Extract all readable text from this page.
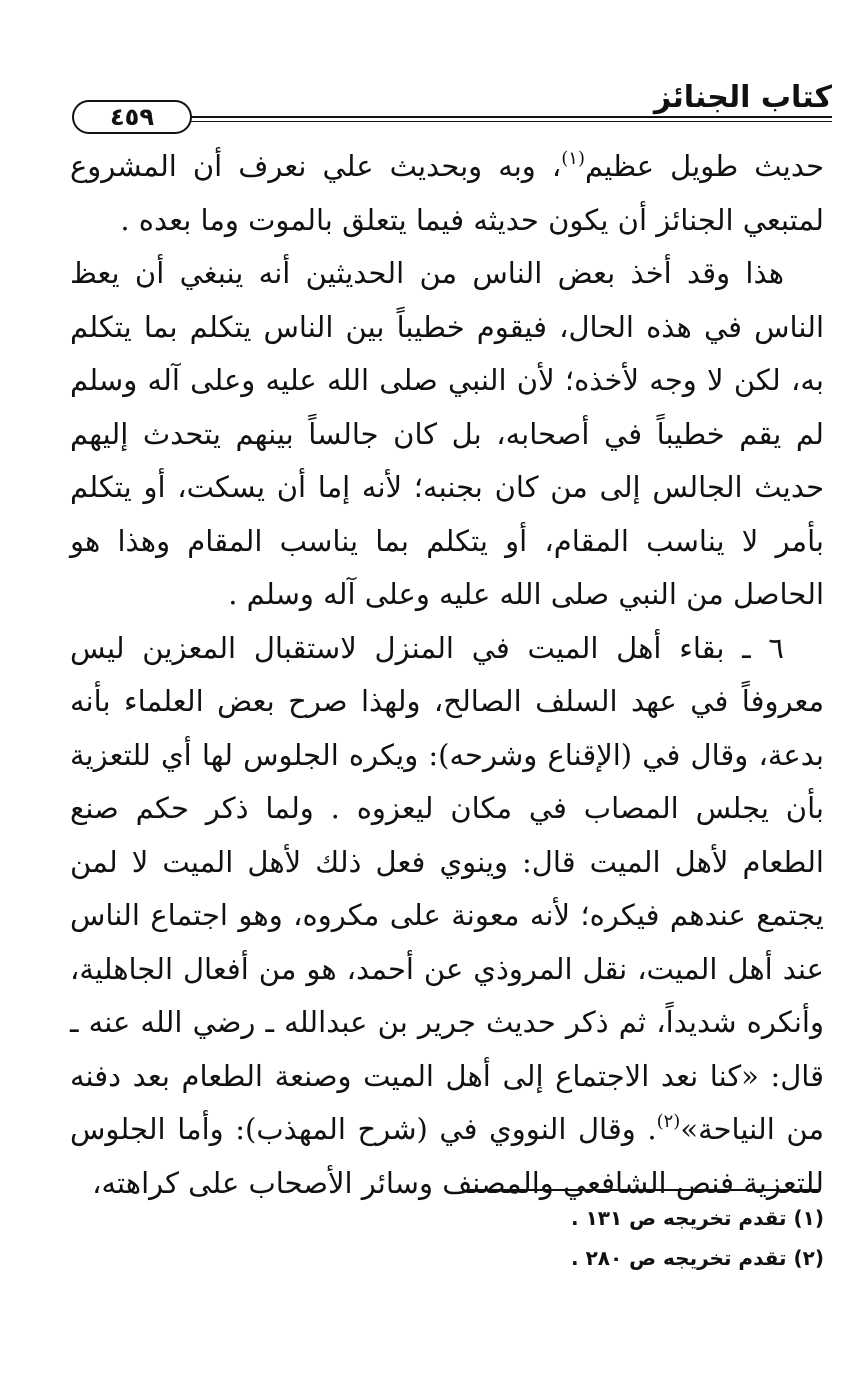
كتاب الجنائز
٤٥٩

حديث طويل عظيم$^{(١)}$، وبه وبحديث علي نعرف أن المشروع لمتبعي الجنائز أن يكون حديثه فيما يتعلق بالموت وما بعده .

هذا وقد أخذ بعض الناس من الحديثين أنه ينبغي أن يعظ الناس في هذه الحال، فيقوم خطيباً بين الناس يتكلم بما يتكلم به، لكن لا وجه لأخذه؛ لأن النبي صلى الله عليه وعلى آله وسلم لم يقم خطيباً في أصحابه، بل كان جالساً بينهم يتحدث إليهم حديث الجالس إلى من كان بجنبه؛ لأنه إما أن يسكت، أو يتكلم بأمر لا يناسب المقام، أو يتكلم بما يناسب المقام وهذا هو الحاصل من النبي صلى الله عليه وعلى آله وسلم .

٦ ـ بقاء أهل الميت في المنزل لاستقبال المعزين ليس معروفاً في عهد السلف الصالح، ولهذا صرح بعض العلماء بأنه بدعة، وقال في (الإقناع وشرحه): ويكره الجلوس لها أي للتعزية بأن يجلس المصاب في مكان ليعزوه . ولما ذكر حكم صنع الطعام لأهل الميت قال: وينوي فعل ذلك لأهل الميت لا لمن يجتمع عندهم فيكره؛ لأنه معونة على مكروه، وهو اجتماع الناس عند أهل الميت، نقل المروذي عن أحمد، هو من أفعال الجاهلية، وأنكره شديداً، ثم ذكر حديث جرير بن عبدالله ـ رضي الله عنه ـ قال: «كنا نعد الاجتماع إلى أهل الميت وصنعة الطعام بعد دفنه من النياحة»$^{(٢)}$. وقال النووي في (شرح المهذب): وأما الجلوس للتعزية فنص الشافعي والمصنف وسائر الأصحاب على كراهته،

(١) تقدم تخريجه ص ١٣١ .
(٢) تقدم تخريجه ص ٢٨٠ .
